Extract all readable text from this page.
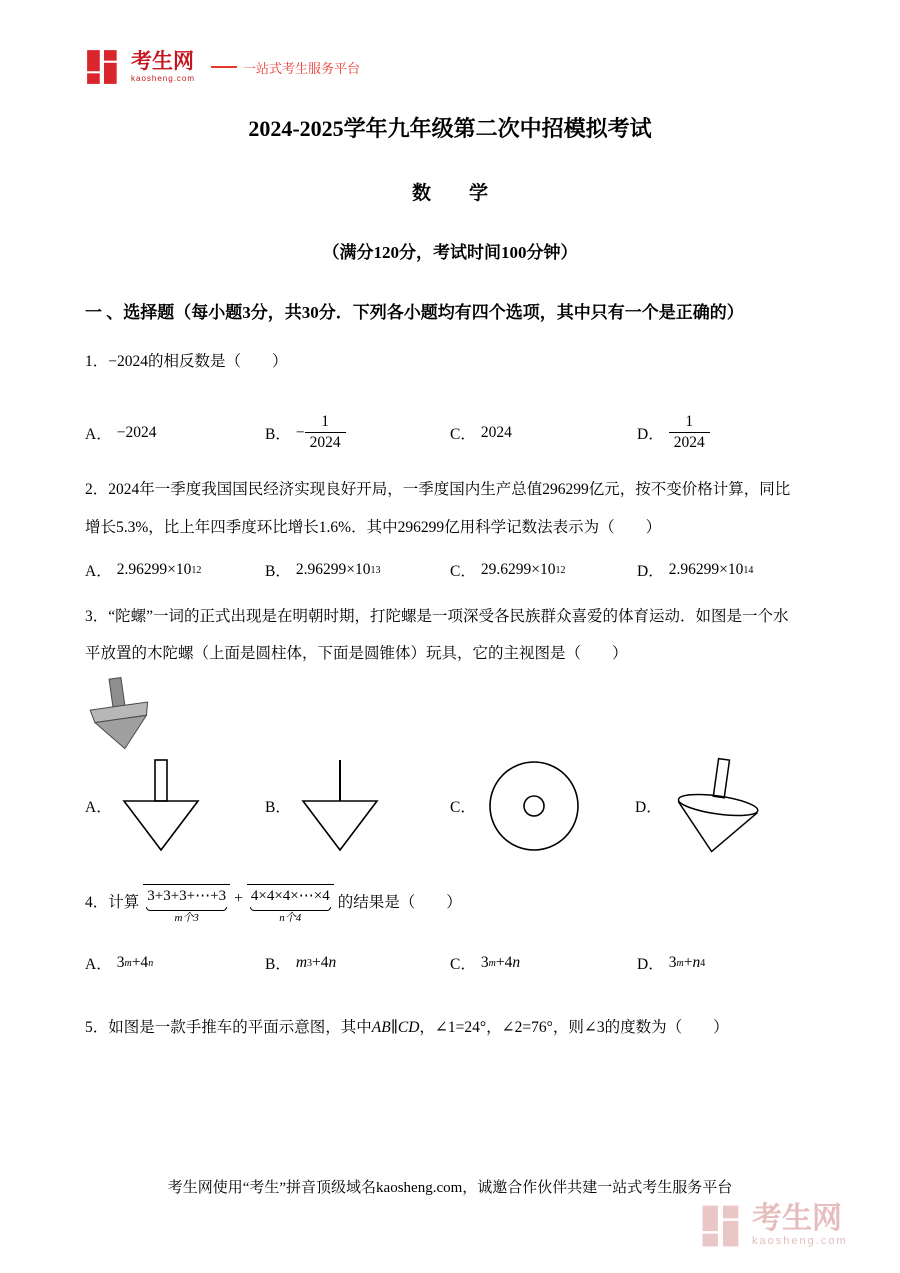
考生网
kaosheng.com
一站式考生服务平台
2024-2025学年九年级第二次中招模拟考试
数　　学
（满分120分，考试时间100分钟）
一 、选择题（每小题3分，共30分．下列各小题均有四个选项，其中只有一个是正确的）
1．−2024的相反数是（　　）
A． −2024	B． − $\frac{1}{2024}$	C． 2024	D． $\frac{1}{2024}$
2．2024年一季度我国国民经济实现良好开局，一季度国内生产总值296299亿元，按不变价格计算，同比
增长5.3%，比上年四季度环比增长1.6%．其中296299亿用科学记数法表示为（　　）
A． 2.96299×10 12	B． 2.96299×10 13	C． 29.6299×10 12	D． 2.96299×10 14
3．“陀螺”一词的正式出现是在明朝时期，打陀螺是一项深受各民族群众喜爱的体育运动．如图是一个水
平放置的木陀螺（上面是圆柱体，下面是圆锥体）玩具，它的主视图是（　　）
A．	B．	C．	D．
4．计算 3+3+3+⋯+3
m个3
+ 4×4×4×⋯×4
n个4
的结果是（　　）
A． 3 m +4 n	B． m 3 +4 n	C． 3 m +4 n	D． 3 m + n 4
5．如图是一款手推车的平面示意图，其中AB∥CD，∠1=24°，∠2=76°，则∠3的度数为（　　）
考生网使用“考生”拼音顶级域名kaosheng.com，诚邀合作伙伴共建一站式考生服务平台
考生网
kaosheng.com
